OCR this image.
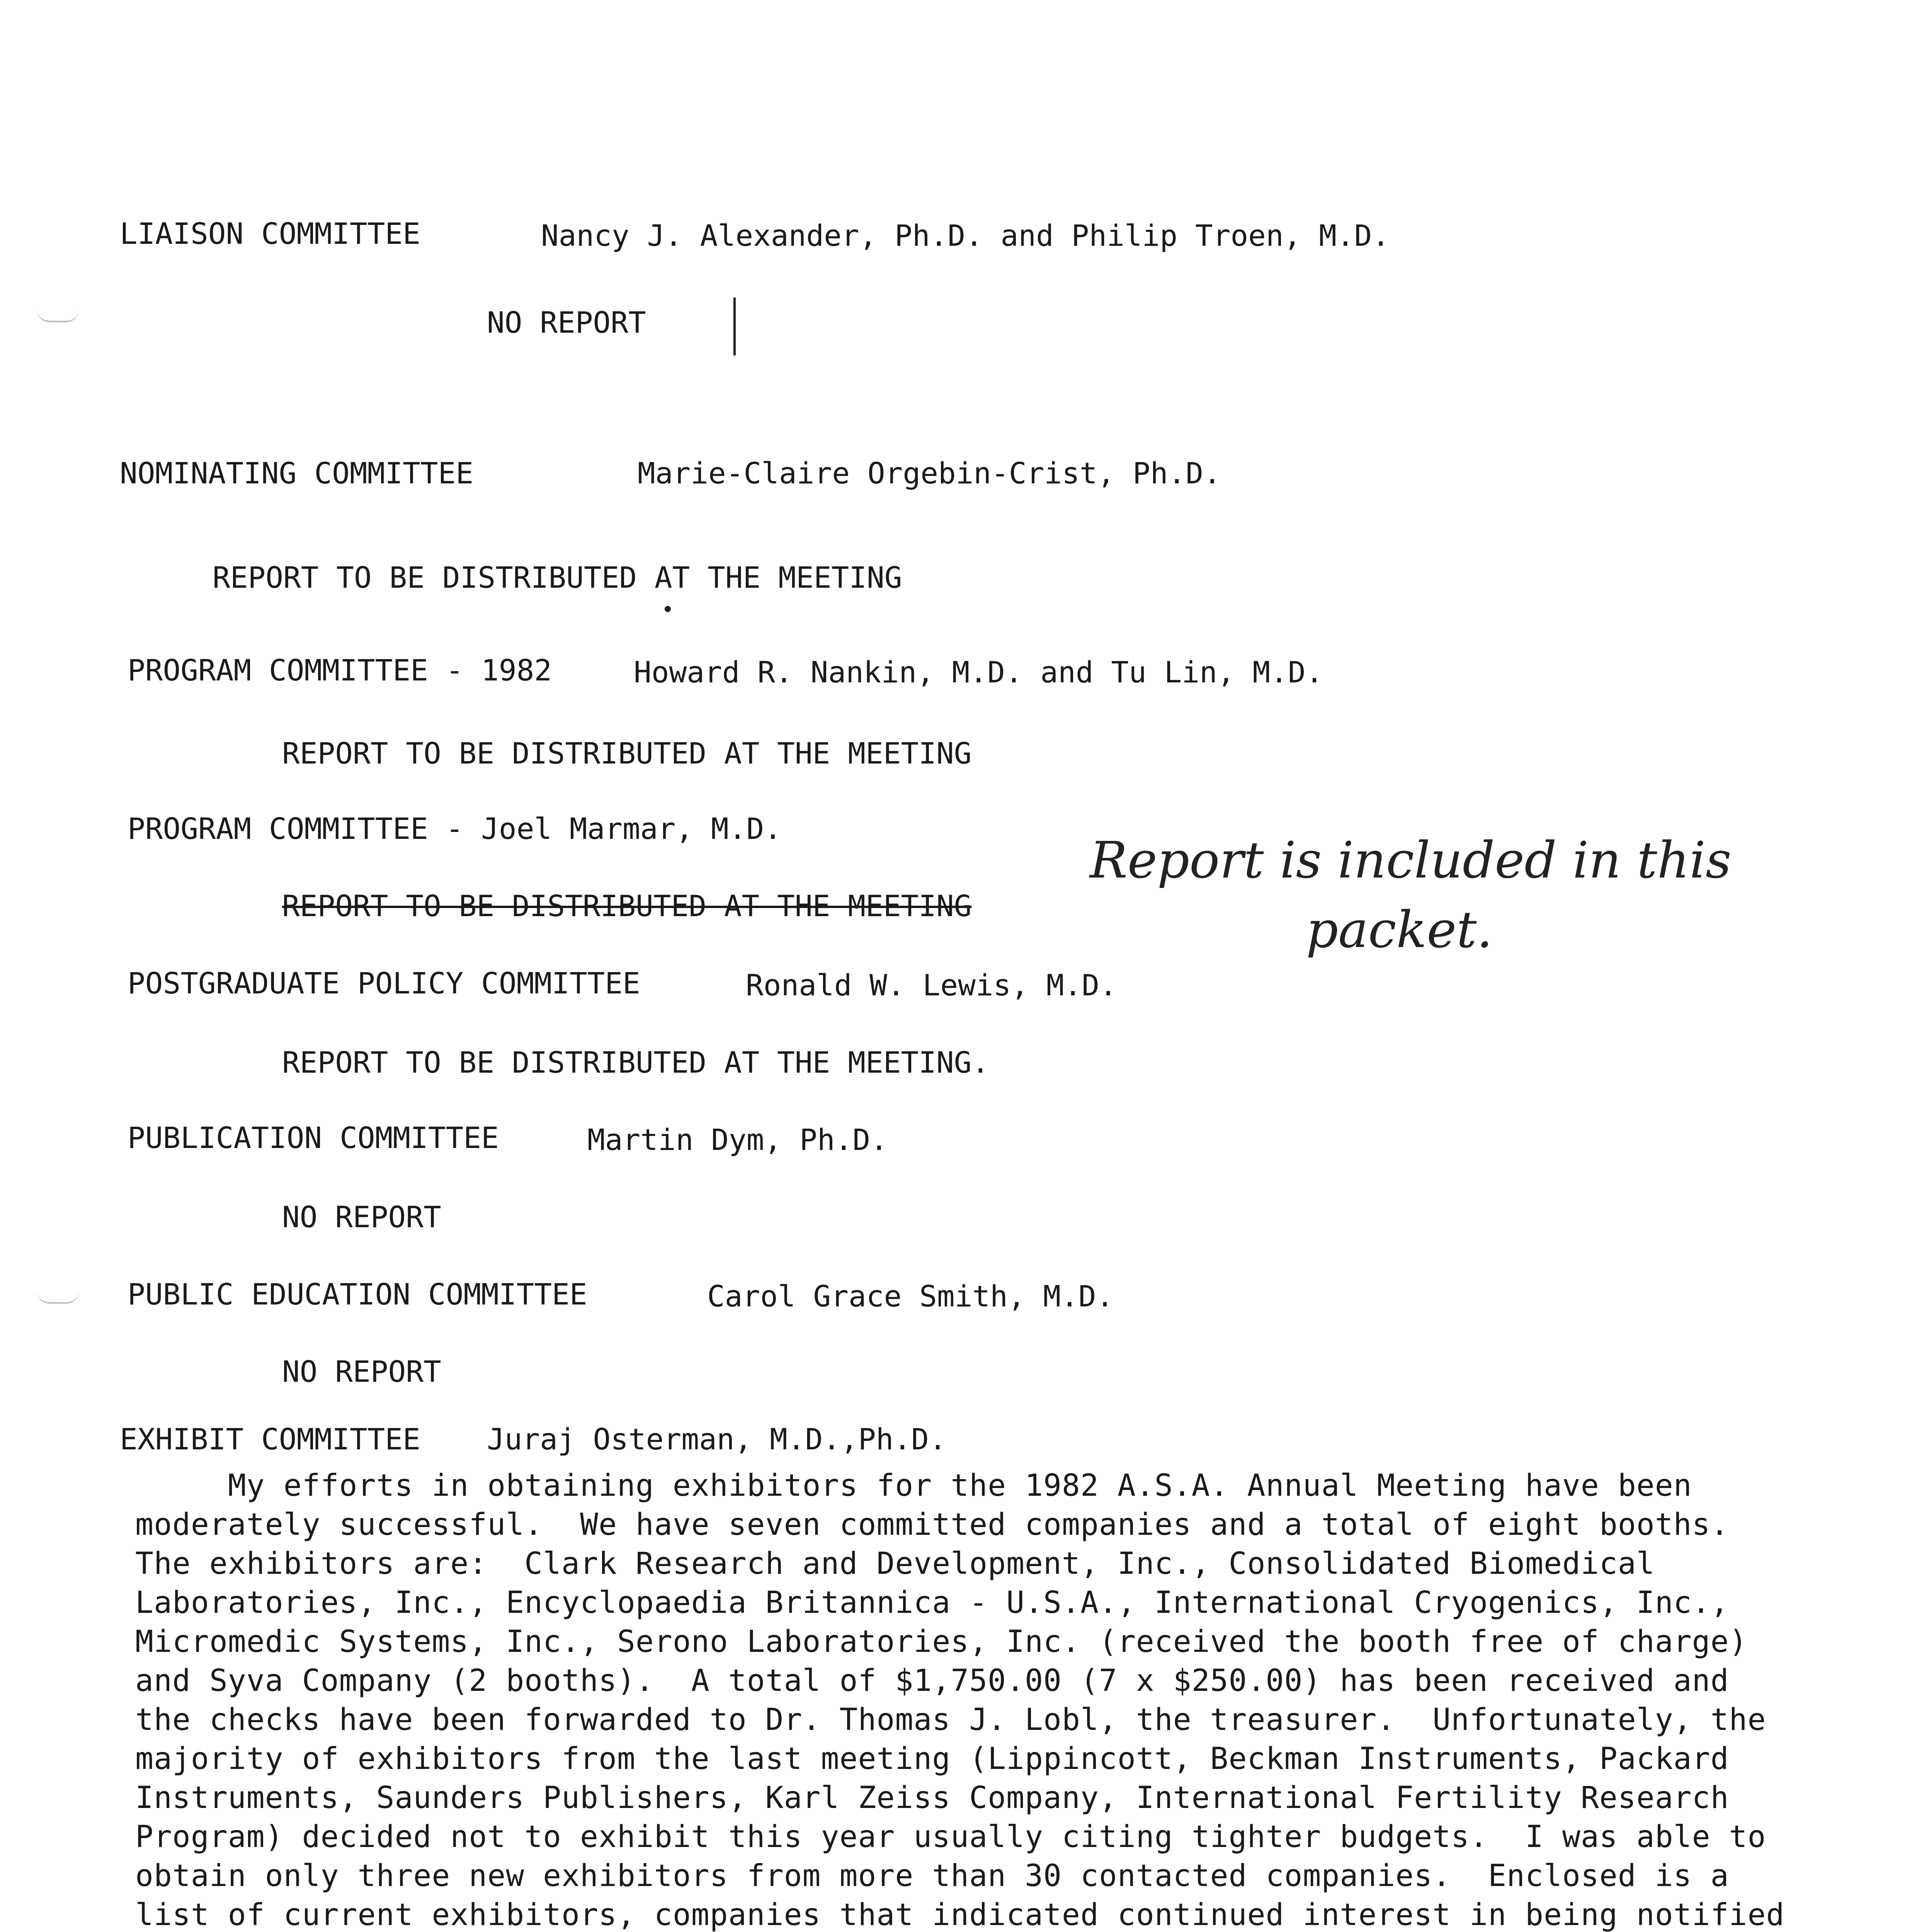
LIAISON COMMITTEE	Nancy J. Alexander, Ph.D. and Philip Troen, M.D.
NO REPORT
NOMINATING COMMITTEE	Marie-Claire Orgebin-Crist, Ph.D.
REPORT TO BE DISTRIBUTED AT THE MEETING
PROGRAM COMMITTEE - 1982	Howard R. Nankin, M.D. and Tu Lin, M.D.
REPORT TO BE DISTRIBUTED AT THE MEETING
PROGRAM COMMITTEE - Joel Marmar, M.D.
REPORT TO BE DISTRIBUTED AT THE MEETING
Report is included in this
packet.
POSTGRADUATE POLICY COMMITTEE	Ronald W. Lewis, M.D.
REPORT TO BE DISTRIBUTED AT THE MEETING.
PUBLICATION COMMITTEE	Martin Dym, Ph.D.
NO REPORT
PUBLIC EDUCATION COMMITTEE	Carol Grace Smith, M.D.
NO REPORT
EXHIBIT COMMITTEE Juraj Osterman, M.D.,Ph.D.
My efforts in obtaining exhibitors for the 1982 A.S.A. Annual Meeting have been moderately successful.  We have seven committed companies and a total of eight booths.  The exhibitors are:  Clark Research and Development, Inc., Consolidated Biomedical Laboratories, Inc., Encyclopaedia Britannica - U.S.A., International Cryogenics, Inc., Micromedic Systems, Inc., Serono Laboratories, Inc. (received the booth free of charge) and Syva Company (2 booths).  A total of $1,750.00 (7 x $250.00) has been received and the checks have been forwarded to Dr. Thomas J. Lobl, the treasurer.  Unfortunately, the majority of exhibitors from the last meeting (Lippincott, Beckman Instruments, Packard Instruments, Saunders Publishers, Karl Zeiss Company, International Fertility Research Program) decided not to exhibit this year usually citing tighter budgets.  I was able to obtain only three new exhibitors from more than 30 contacted companies.  Enclosed is a list of current exhibitors, companies that indicated continued interest in being notified
